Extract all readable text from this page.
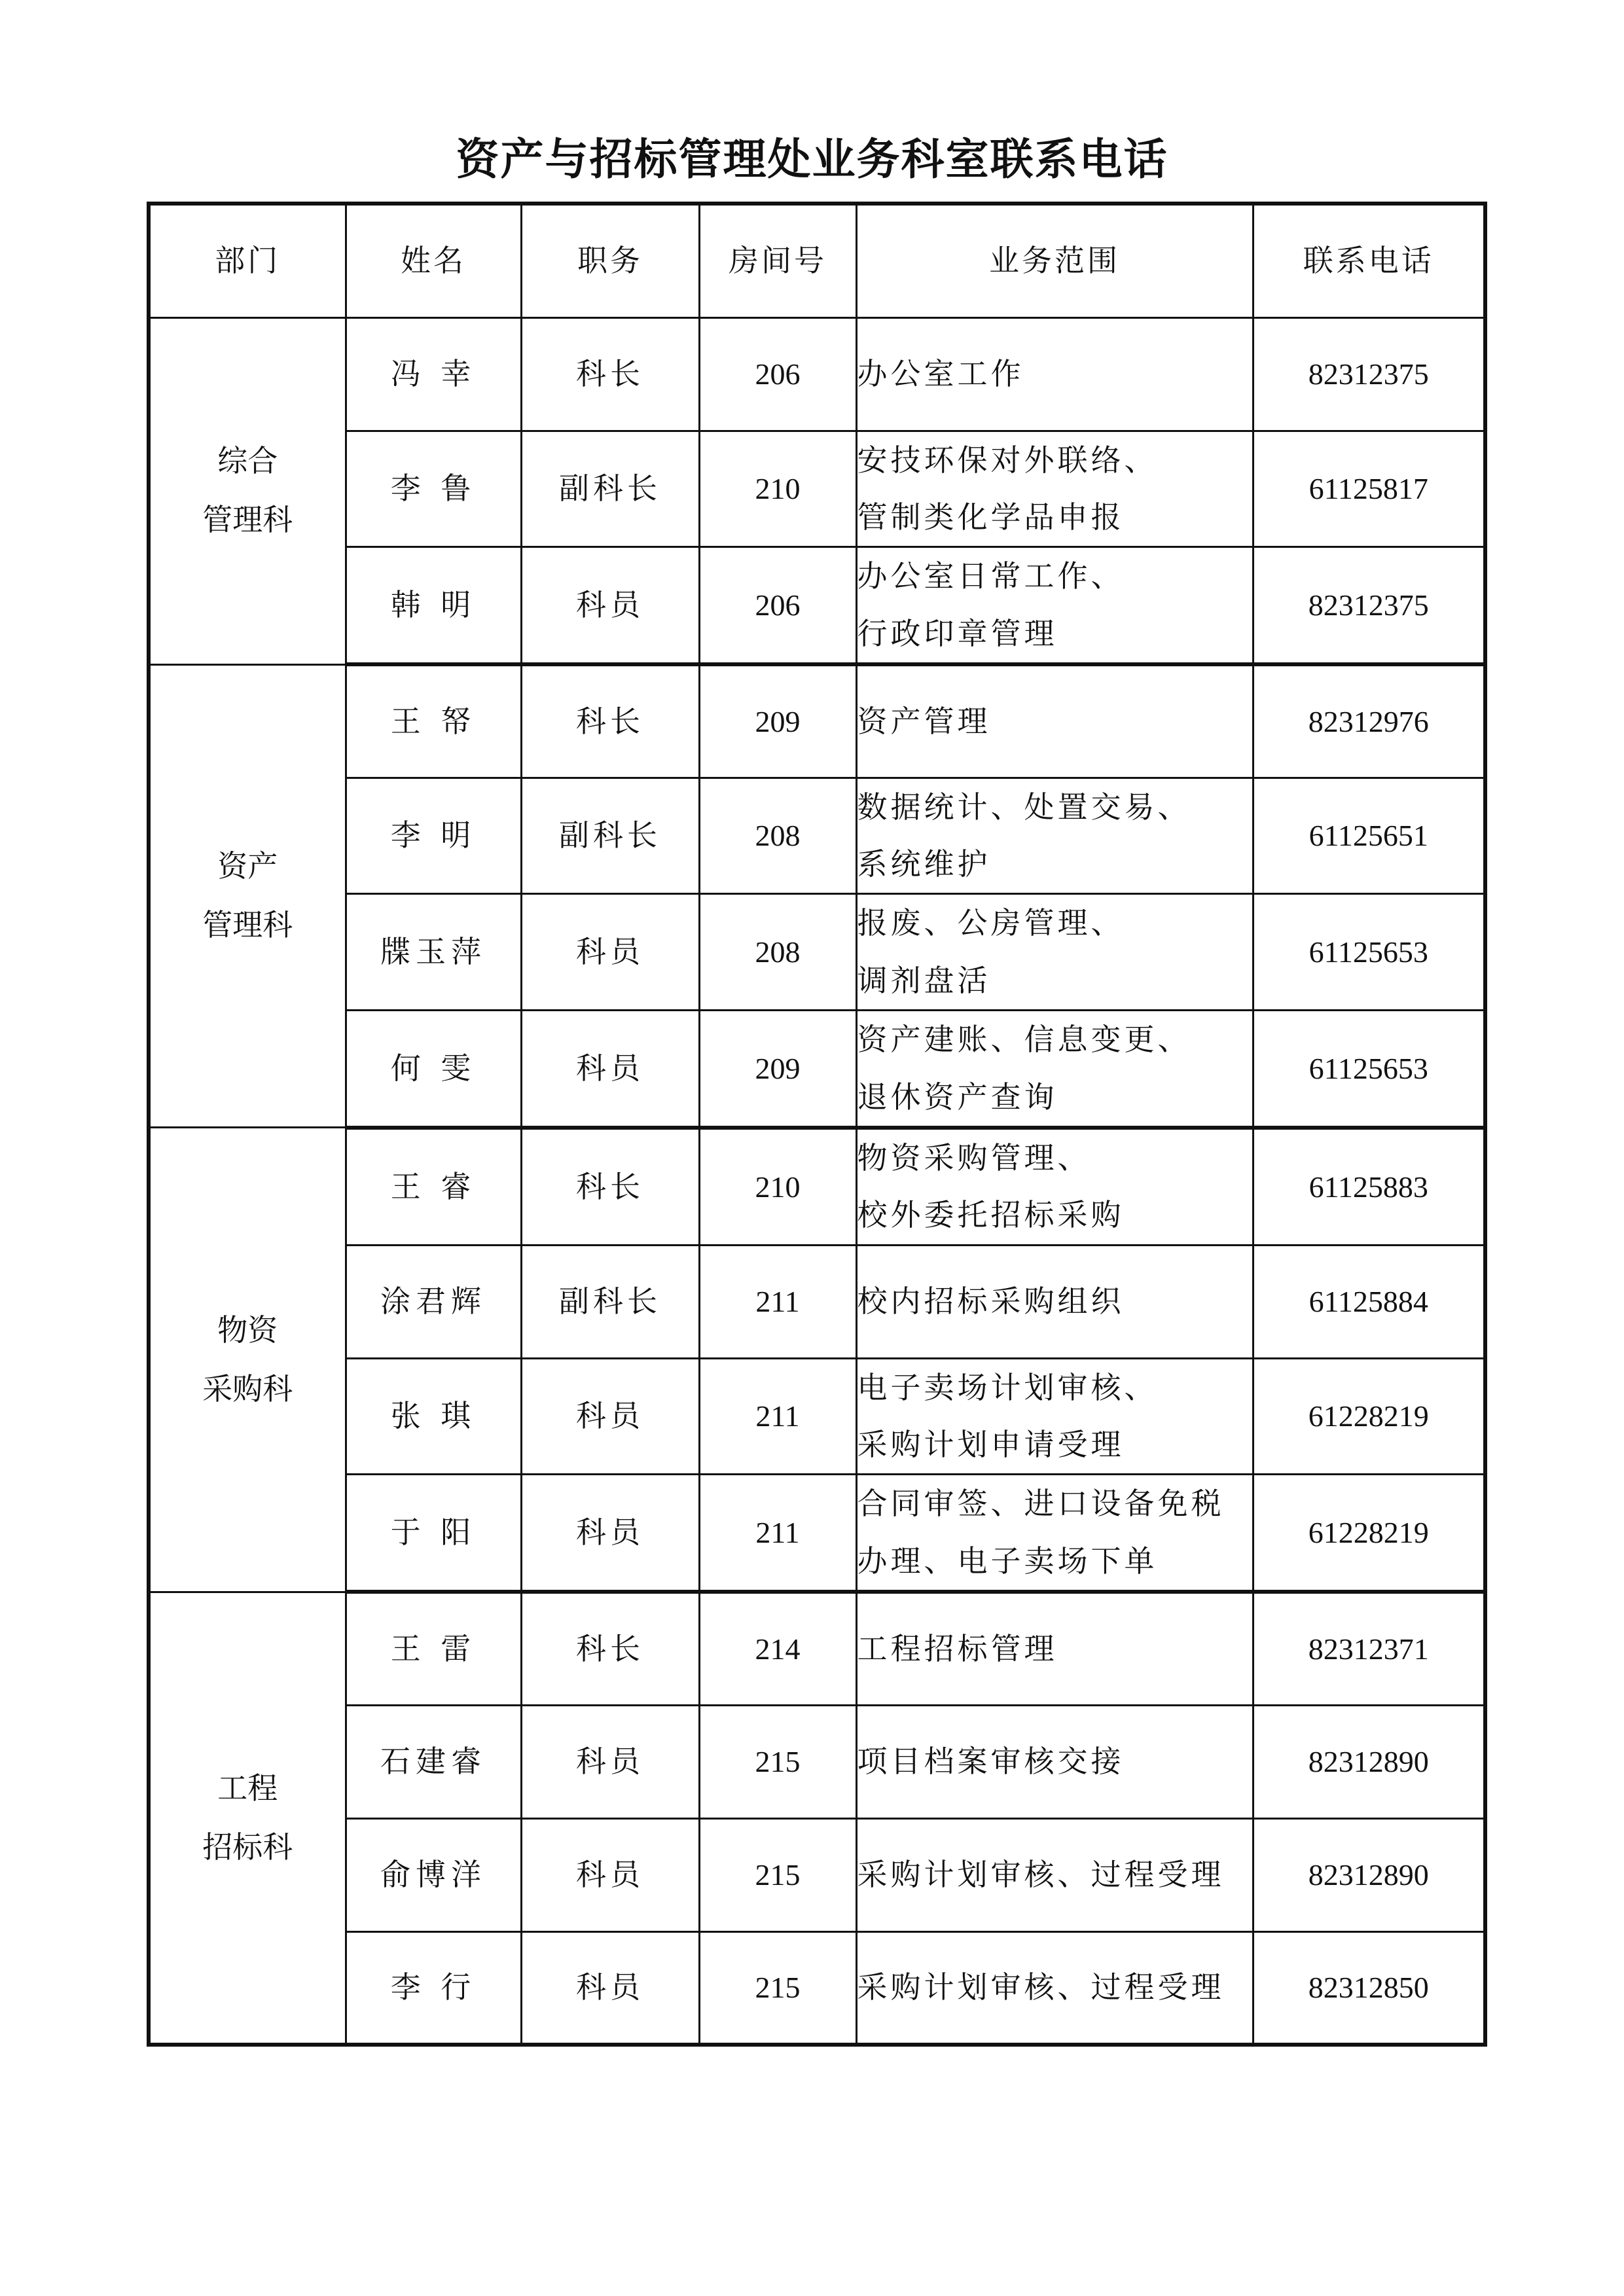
资产与招标管理处业务科室联系电话
部门	姓名	职务	房间号	业务范围	联系电话

综合
管理科	冯 幸	科长	206	办公室工作	82312375
	李 鲁	副科长	210	安技环保对外联络、
管制类化学品申报	61125817
	韩 明	科员	206	办公室日常工作、
行政印章管理	82312375

资产
管理科	王 帑	科长	209	资产管理	82312976
	李 明	副科长	208	数据统计、处置交易、
系统维护	61125651
	牒玉萍	科员	208	报废、公房管理、
调剂盘活	61125653
	何 雯	科员	209	资产建账、信息变更、
退休资产查询	61125653

物资
采购科	王 睿	科长	210	物资采购管理、
校外委托招标采购	61125883
	涂君辉	副科长	211	校内招标采购组织	61125884
	张 琪	科员	211	电子卖场计划审核、
采购计划申请受理	61228219
	于 阳	科员	211	合同审签、进口设备免税
办理、电子卖场下单	61228219

工程
招标科	王 雷	科长	214	工程招标管理	82312371
	石建睿	科员	215	项目档案审核交接	82312890
	俞博洋	科员	215	采购计划审核、过程受理	82312890
	李 行	科员	215	采购计划审核、过程受理	82312850
